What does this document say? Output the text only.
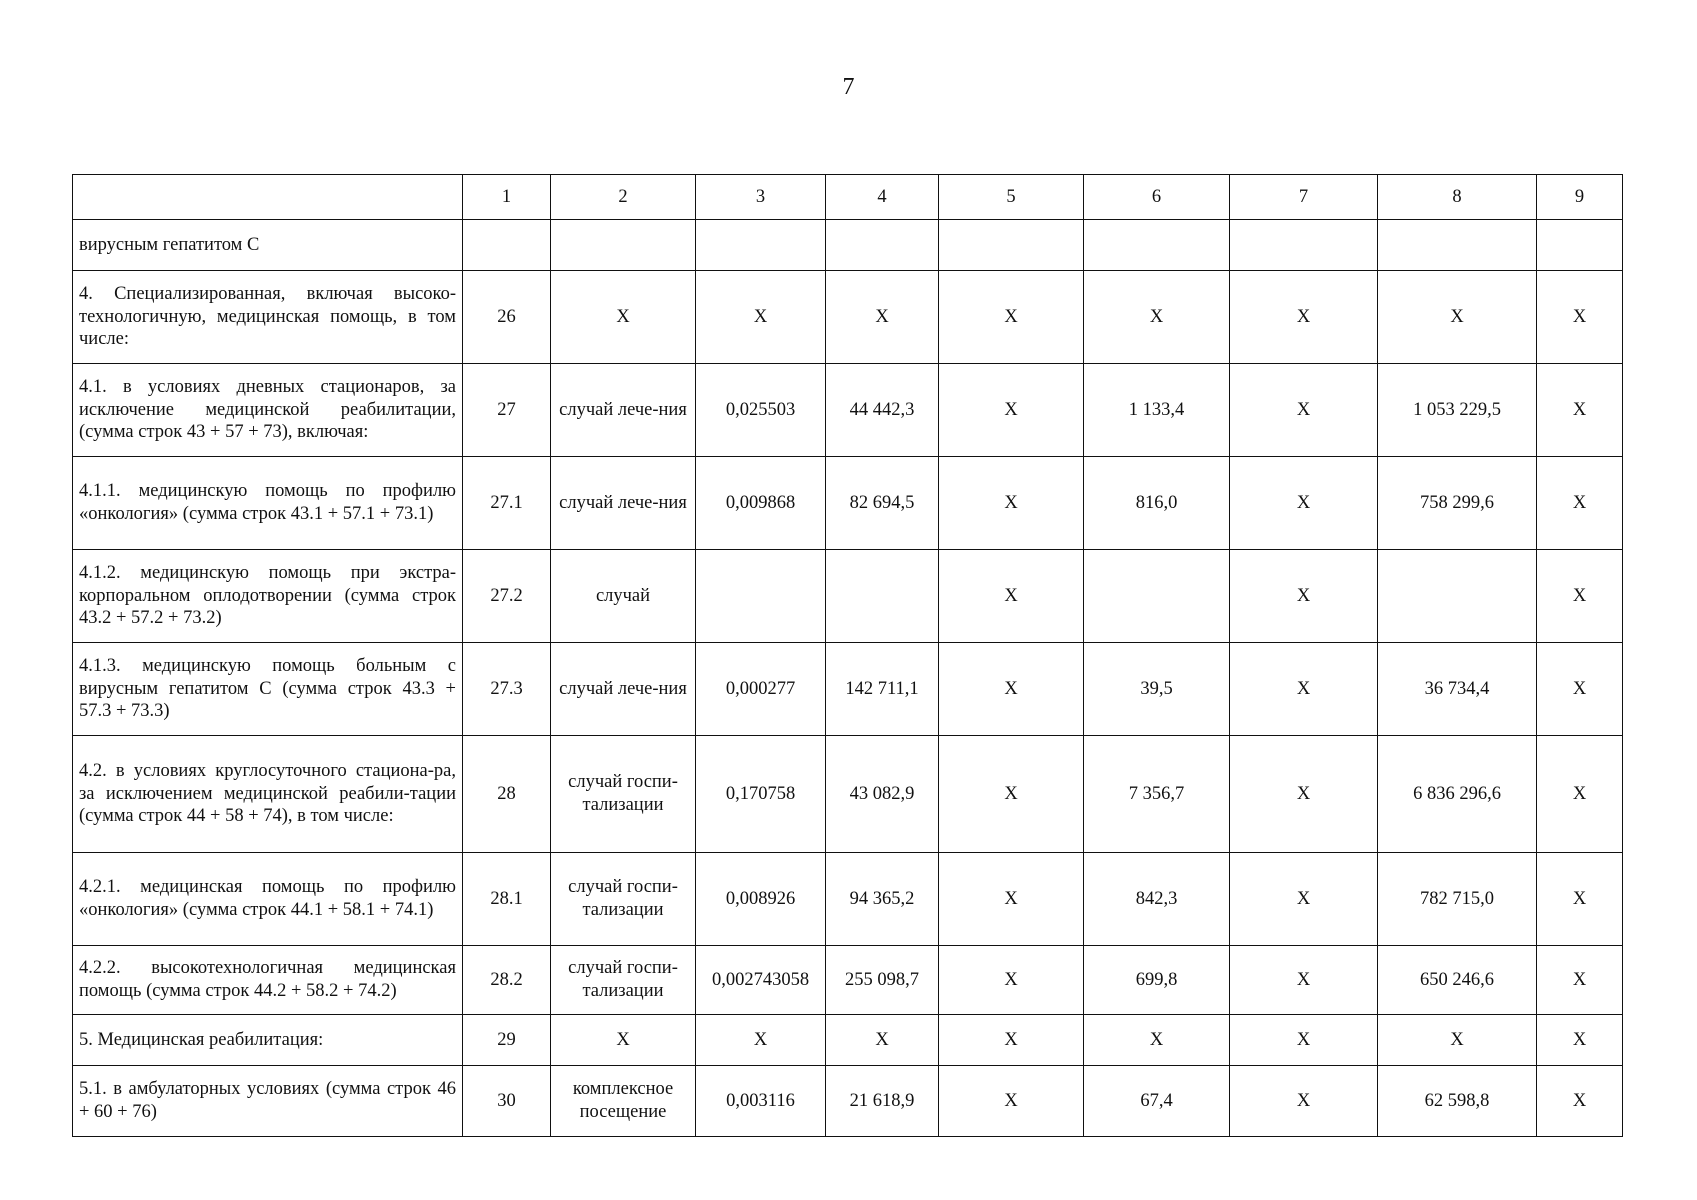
7
	1	2	3	4	5	6	7	8	9
вирусным гепатитом С									
4. Специализированная, включая высоко-технологичную, медицинская помощь, в том числе:	26	X	X	X	X	X	X	X	X
4.1. в условиях дневных стационаров, за исключение медицинской реабилитации, (сумма строк 43 + 57 + 73), включая:	27	случай лече-ния	0,025503	44 442,3	X	1 133,4	X	1 053 229,5	X
4.1.1. медицинскую помощь по профилю «онкология» (сумма строк 43.1 + 57.1 + 73.1)	27.1	случай лече-ния	0,009868	82 694,5	X	816,0	X	758 299,6	X
4.1.2. медицинскую помощь при экстра-корпоральном оплодотворении (сумма строк 43.2 + 57.2 + 73.2)	27.2	случай			X		X		X
4.1.3. медицинскую помощь больным с вирусным гепатитом С (сумма строк 43.3 + 57.3 + 73.3)	27.3	случай лече-ния	0,000277	142 711,1	X	39,5	X	36 734,4	X
4.2. в условиях круглосуточного стациона-ра, за исключением медицинской реабили-тации (сумма строк 44 + 58 + 74), в том числе:	28	случай госпи-тализации	0,170758	43 082,9	X	7 356,7	X	6 836 296,6	X
4.2.1. медицинская помощь по профилю «онкология» (сумма строк 44.1 + 58.1 + 74.1)	28.1	случай госпи-тализации	0,008926	94 365,2	X	842,3	X	782 715,0	X
4.2.2. высокотехнологичная медицинская помощь (сумма строк 44.2 + 58.2 + 74.2)	28.2	случай госпи-тализации	0,002743058	255 098,7	X	699,8	X	650 246,6	X
5. Медицинская реабилитация:	29	X	X	X	X	X	X	X	X
5.1. в амбулаторных условиях (сумма строк 46 + 60 + 76)	30	комплексное посещение	0,003116	21 618,9	X	67,4	X	62 598,8	X
